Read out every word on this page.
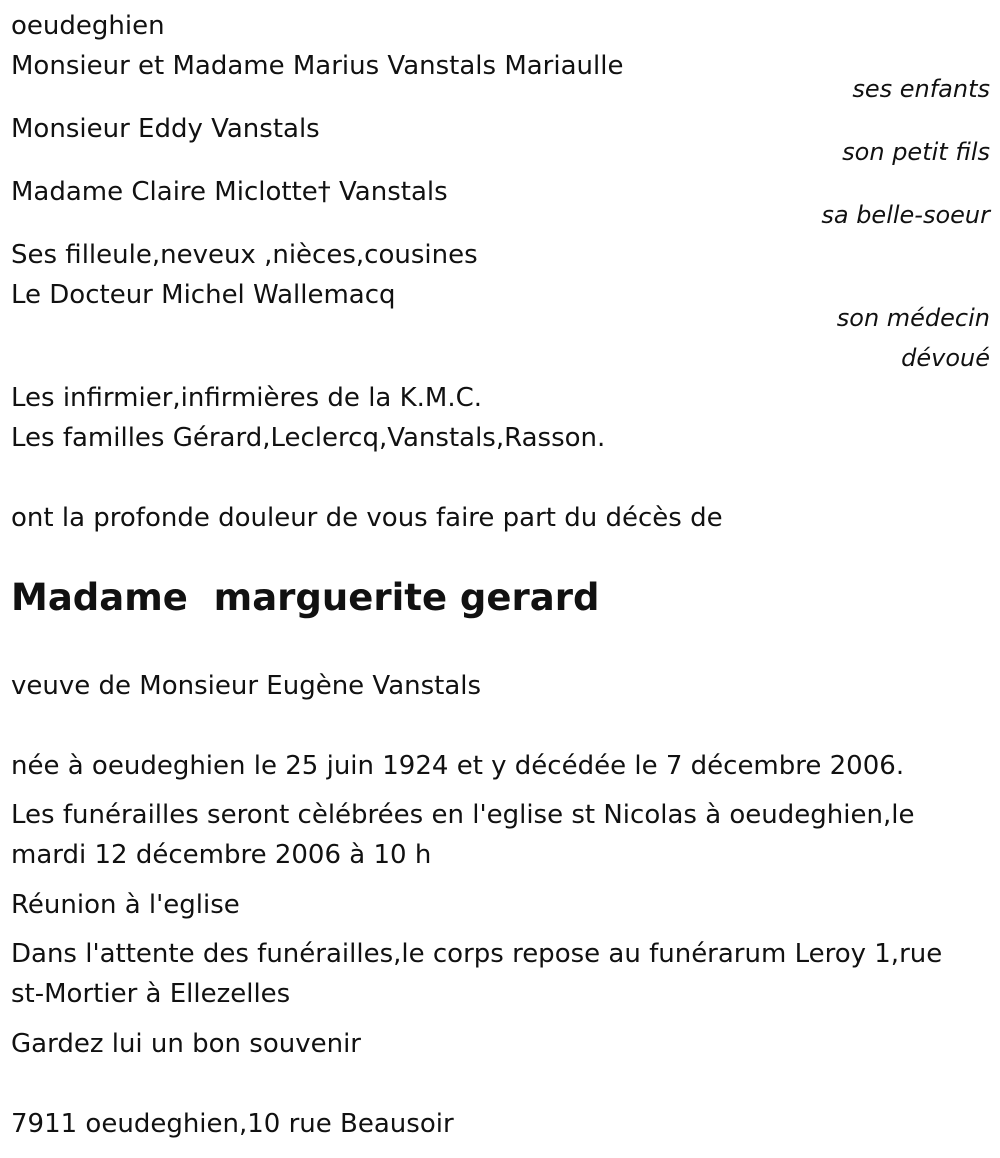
oeudeghien
Monsieur et Madame Marius Vanstals Mariaulle
ses enfants
Monsieur Eddy Vanstals
son petit fils
Madame Claire Miclotte† Vanstals
sa belle-soeur
Ses filleule,neveux ,nièces,cousines
Le Docteur Michel Wallemacq
son médecin
dévoué
Les infirmier,infirmières de la K.M.C.
Les familles Gérard,Leclercq,Vanstals,Rasson.
ont la profonde douleur de vous faire part du décès de
Madame  marguerite gerard
veuve de Monsieur Eugène Vanstals
née à oeudeghien le 25 juin 1924 et y décédée le 7 décembre 2006.
Les funérailles seront cèlébrées en l'eglise st Nicolas à oeudeghien,le
mardi 12 décembre 2006 à 10 h
Réunion à l'eglise
Dans l'attente des funérailles,le corps repose au funérarum Leroy 1,rue
st-Mortier à Ellezelles
Gardez lui un bon souvenir
7911 oeudeghien,10 rue Beausoir
